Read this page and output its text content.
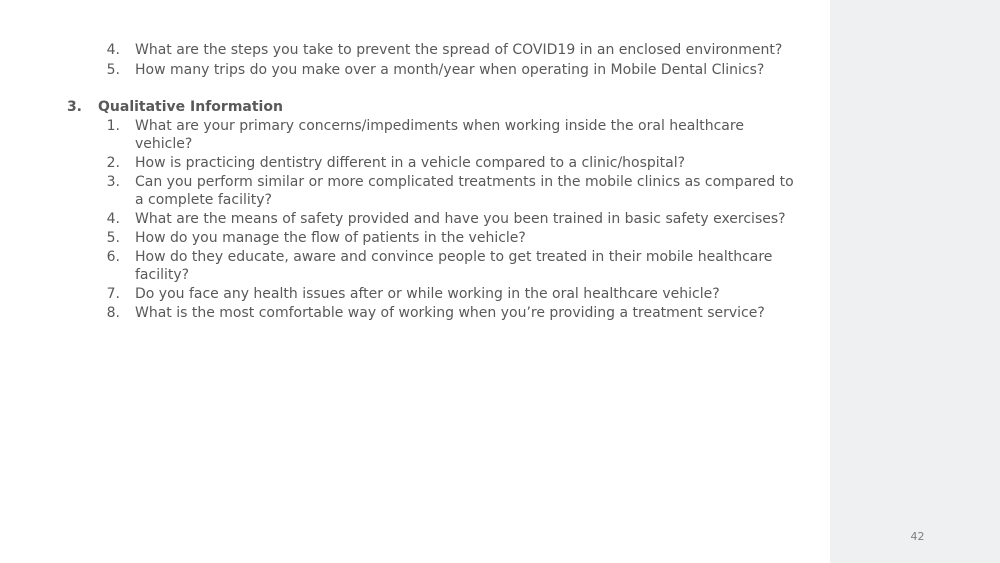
4. What are the steps you take to prevent the spread of COVID19 in an enclosed environment?
5. How many trips do you make over a month/year when operating in Mobile Dental Clinics?
3. Qualitative Information
1. What are your primary concerns/impediments when working inside the oral healthcare
vehicle?
2. How is practicing dentistry different in a vehicle compared to a clinic/hospital?
3. Can you perform similar or more complicated treatments in the mobile clinics as compared to
a complete facility?
4. What are the means of safety provided and have you been trained in basic safety exercises?
5. How do you manage the flow of patients in the vehicle?
6. How do they educate, aware and convince people to get treated in their mobile healthcare
facility?
7. Do you face any health issues after or while working in the oral healthcare vehicle?
8. What is the most comfortable way of working when you’re providing a treatment service?
42
